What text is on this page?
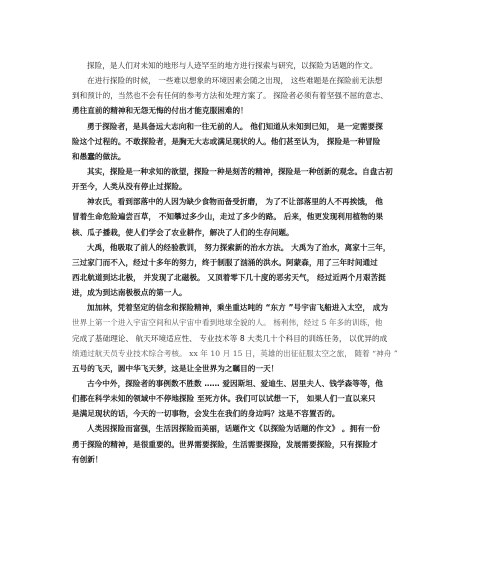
探险，是人们对未知的地形与人迹罕至的地方进行探索与研究，以探险为话题的作文。
在进行探险的时候， 一些难以想象的环境因素会随之出现， 这些难题是在探险前无法想
到和预计的，当然也不会有任何的参考方法和处理方案了。 探险者必须有着坚强不屈的意志、
勇往直前的精神和无怨无悔的付出才能克服困难的！
勇于探险者，是具备远大志向和一往无前的人。 他们知道从未知到已知， 是一定需要探
险这个过程的。不敢探险者，是胸无大志或满足现状的人。他们甚至认为， 探险是一种冒险
和愚蠢的做法。
其实，探险是一种求知的欲望，探险一种是刻苦的精神，探险是一种创新的观念。自盘古初
开至今，人类从没有停止过探险。
神农氏，看到部落中的人因为缺少食物而备受折磨， 为了不让部落里的人不再挨饿， 他
冒着生命危险遍尝百草， 不知攀过多少山，走过了多少的路。 后来，他更发现利用植物的果
核、瓜子播栽，使人们学会了农业耕作，解决了人们的生存问题。
大禹，他吸取了前人的经验教训， 努力探索新的治水方法。 大禹为了治水，离家十三年，
三过家门而不入，经过十多年的努力，终于制服了汹涌的洪水。阿蒙森，用了三年时间通过
西北航道到达北极， 并发现了北磁极。 又顶着零下几十度的恶劣天气， 经过近两个月艰苦挺
进，成为到达南极极点的第一人。
加加林，凭着坚定的信念和探险精神，乘坐重达吨的 “东方 ”号宇宙飞船进入太空， 成为
世界上第一个进入宇宙空间和从宇宙中看到地球全貌的人。 杨利伟，经过 5 年多的训练，他
完成了基础理论、 航天环境适应性、 专业技术等 8 大类几十个科目的训练任务， 以优异的成
绩通过航天员专业技术综合考核。 xx 年 10 月 15 日，英雄的出征征服太空之旅， 随着 “神舟 ”
五号的飞天，圆中华飞天梦，这是让全世界为之瞩目的一天！
古今中外，探险者的事例数不胜数 …… 爱因斯坦、爱迪生、居里夫人、钱学森等等，他
们都在科学未知的领域中不停地探险 至死方休。我们可以试想一下， 如果人们一直以来只
是满足现状的话，今天的一切事物，会发生在我们的身边吗？这是不容置否的。
人类因探险而富强，生活因探险而美丽，话题作文《以探险为话题的作文》 。拥有一份
勇于探险的精神，是很重要的。世界需要探险，生活需要探险，发展需要探险，只有探险才
有创新！
